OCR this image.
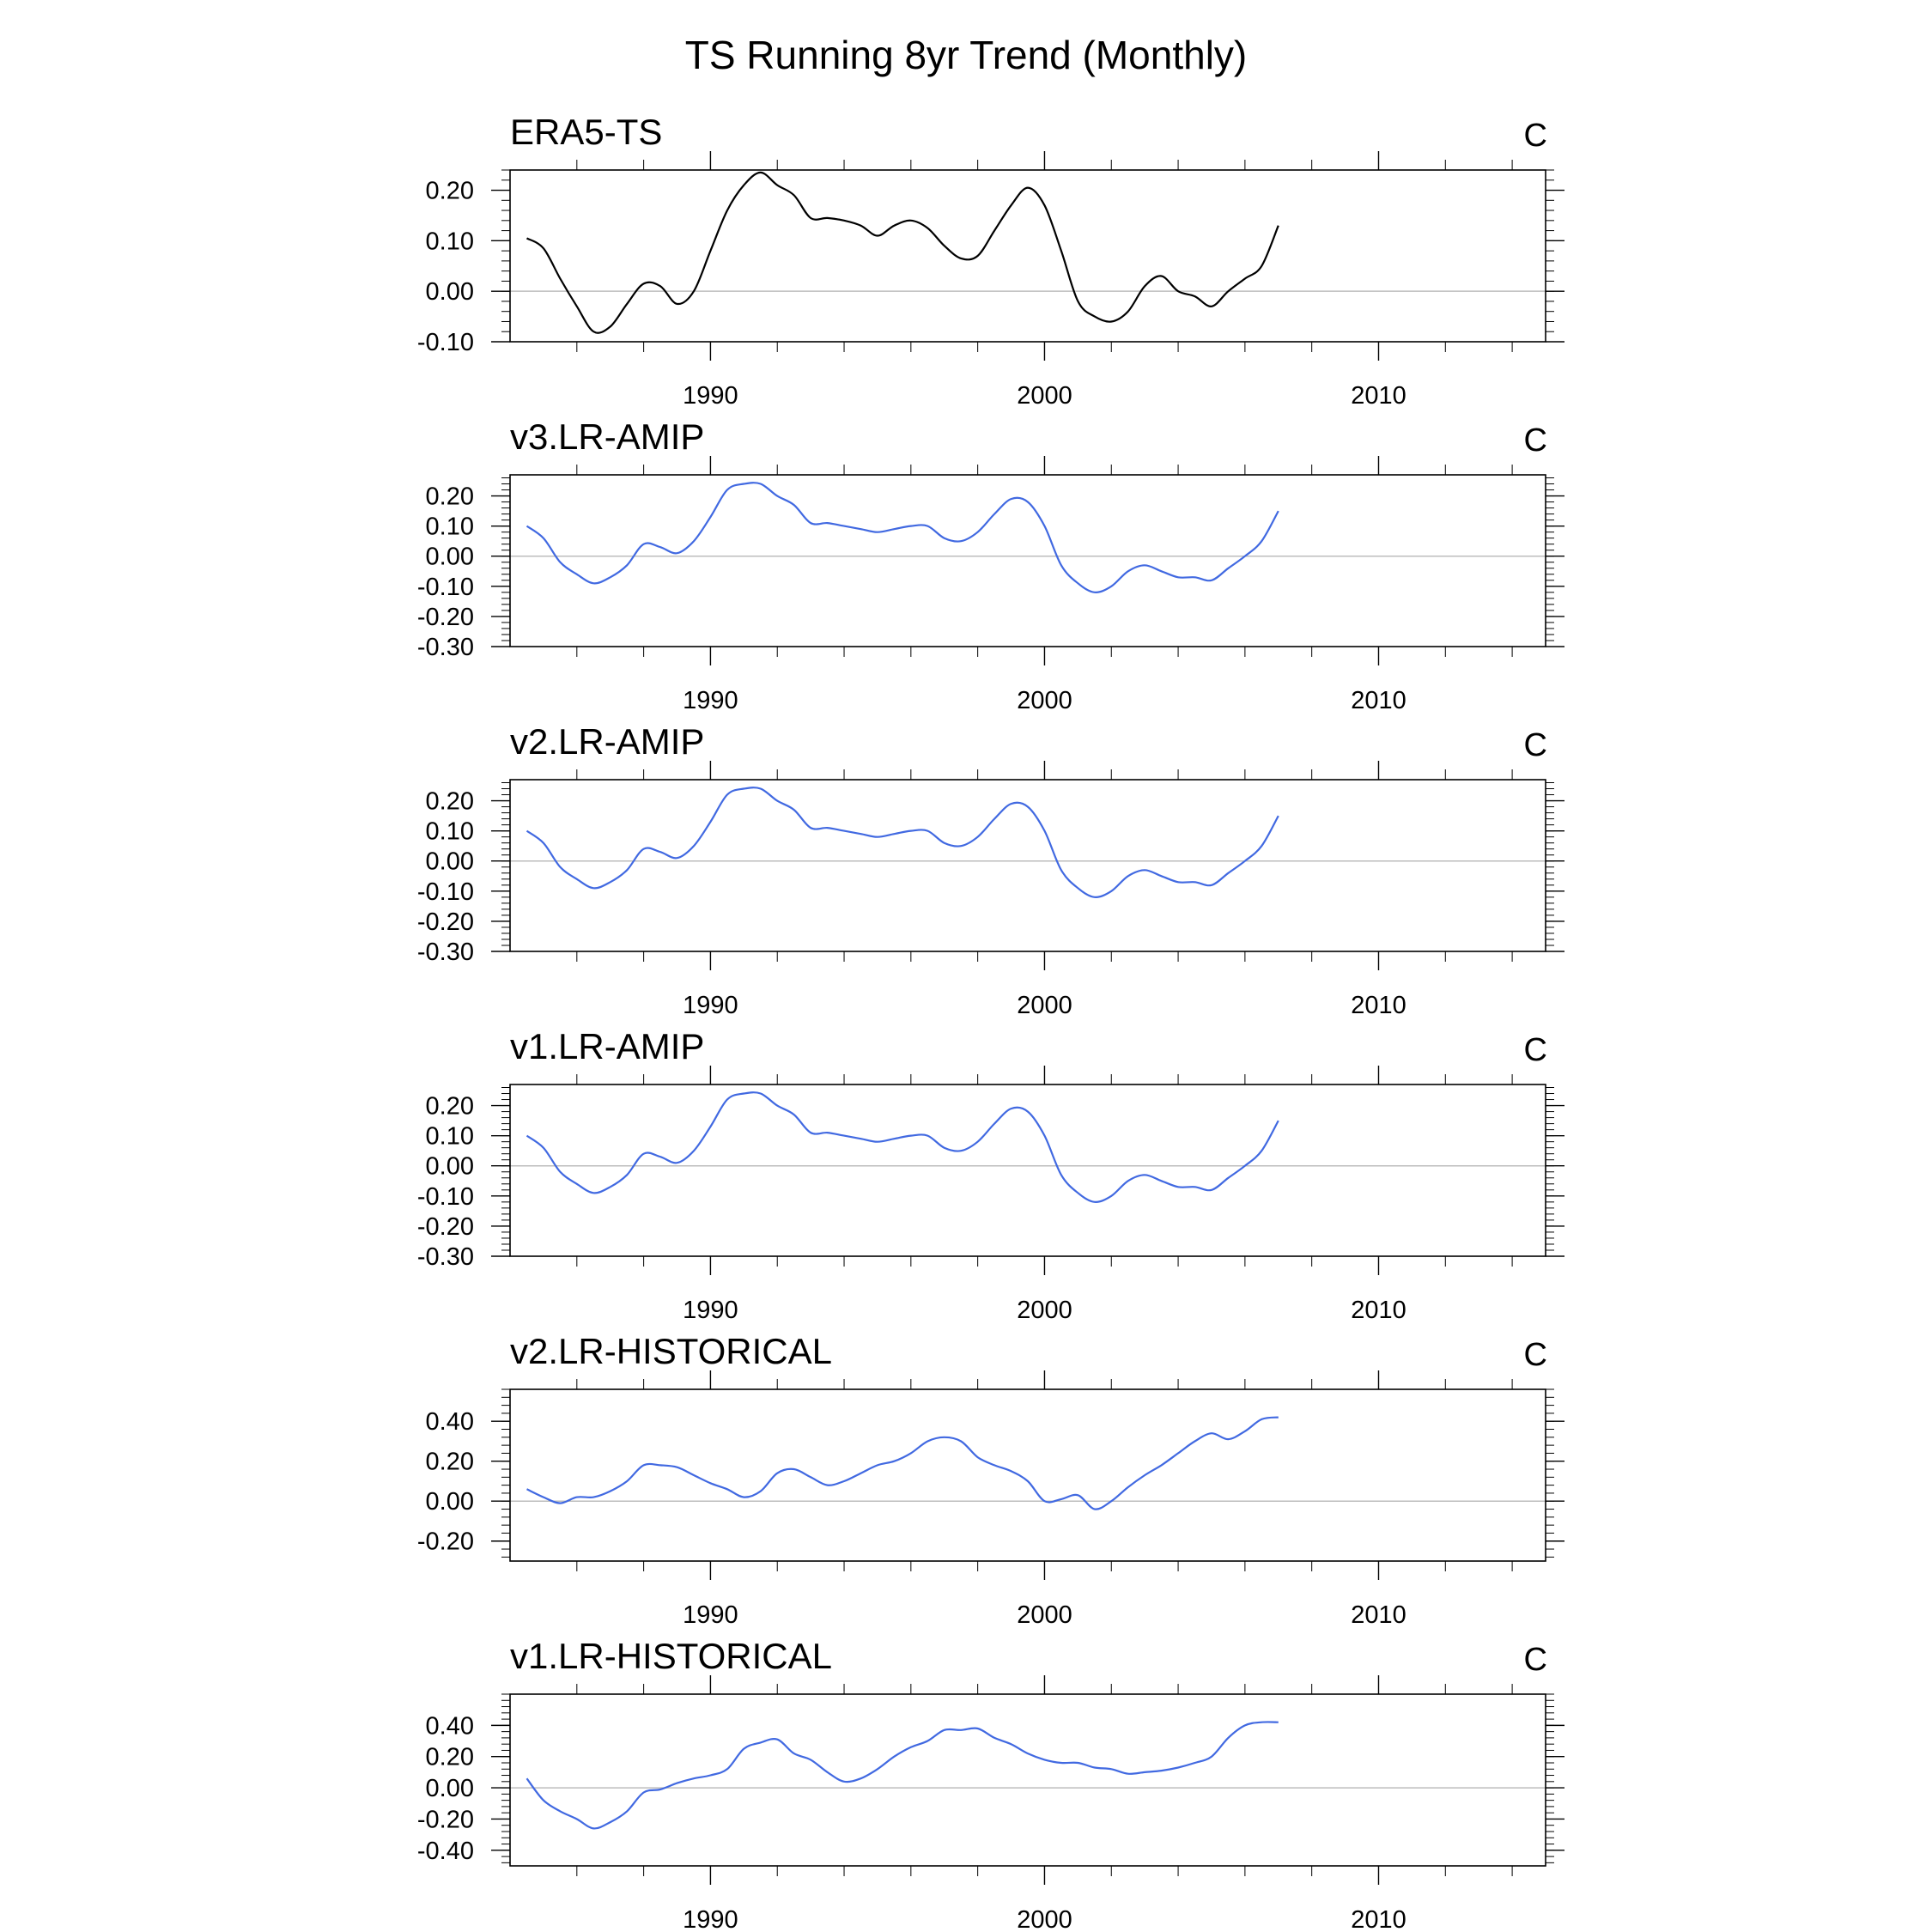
TS Running 8yr Trend (Monthly)
ERA5-TS	C
-0.10
0.00
0.10
0.20
1990	2000	2010
v3.LR-AMIP	C
-0.30
-0.20
-0.10
0.00
0.10
0.20
1990	2000	2010
v2.LR-AMIP	C
-0.30
-0.20
-0.10
0.00
0.10
0.20
1990	2000	2010
v1.LR-AMIP	C
-0.30
-0.20
-0.10
0.00
0.10
0.20
1990	2000	2010
v2.LR-HISTORICAL	C
-0.20
0.00
0.20
0.40
1990	2000	2010
v1.LR-HISTORICAL	C
-0.40
-0.20
0.00
0.20
0.40
1990	2000	2010
